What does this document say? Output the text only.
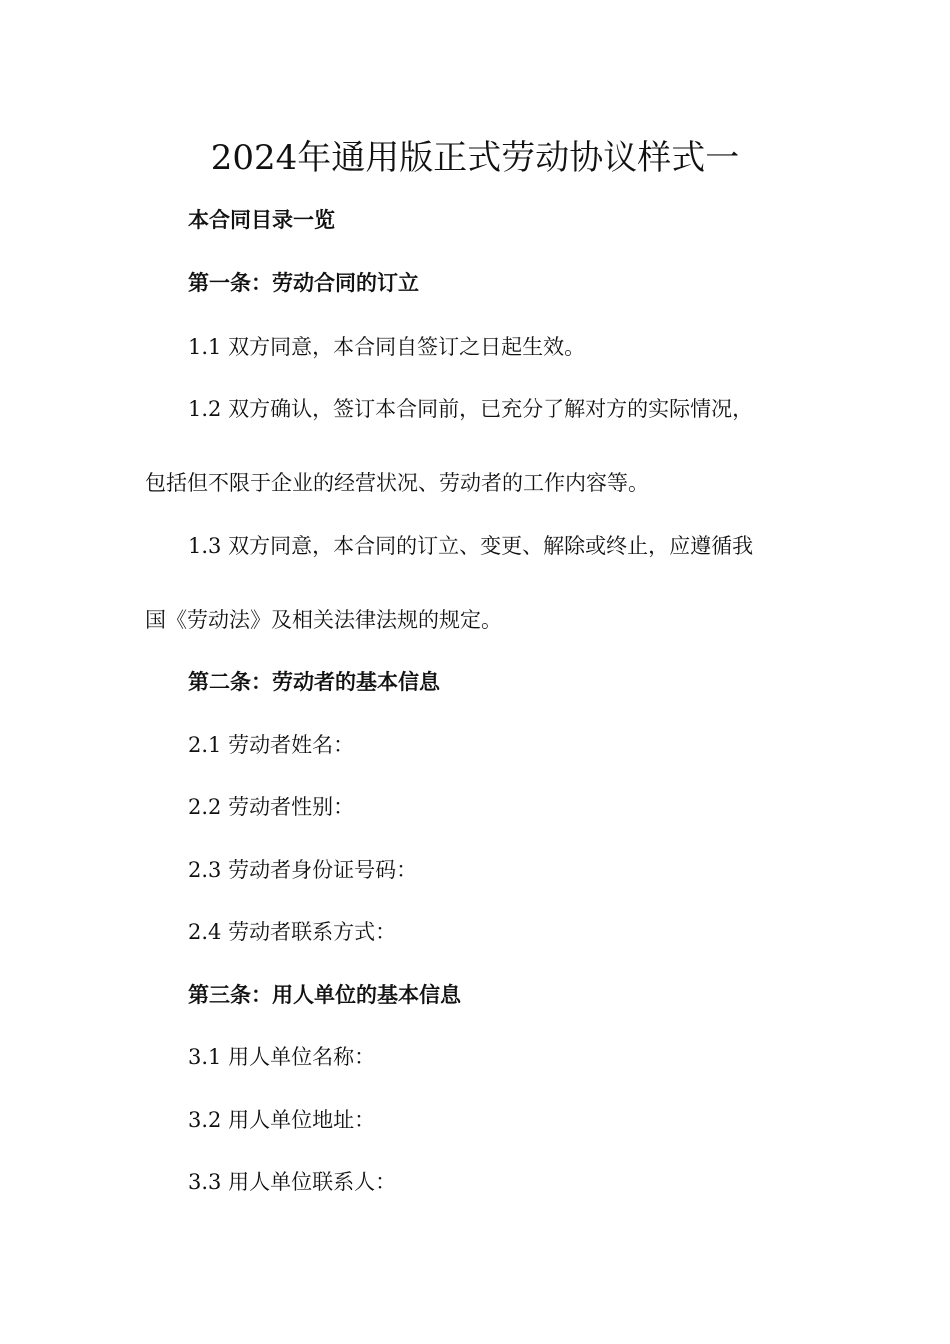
2024年通用版正式劳动协议样式一
本合同目录一览
第一条：劳动合同的订立
1.1 双方同意，本合同自签订之日起生效。
1.2 双方确认，签订本合同前，已充分了解对方的实际情况，
包括但不限于企业的经营状况、劳动者的工作内容等。
1.3 双方同意，本合同的订立、变更、解除或终止，应遵循我
国《劳动法》及相关法律法规的规定。
第二条：劳动者的基本信息
2.1 劳动者姓名：
2.2 劳动者性别：
2.3 劳动者身份证号码：
2.4 劳动者联系方式：
第三条：用人单位的基本信息
3.1 用人单位名称：
3.2 用人单位地址：
3.3 用人单位联系人：
